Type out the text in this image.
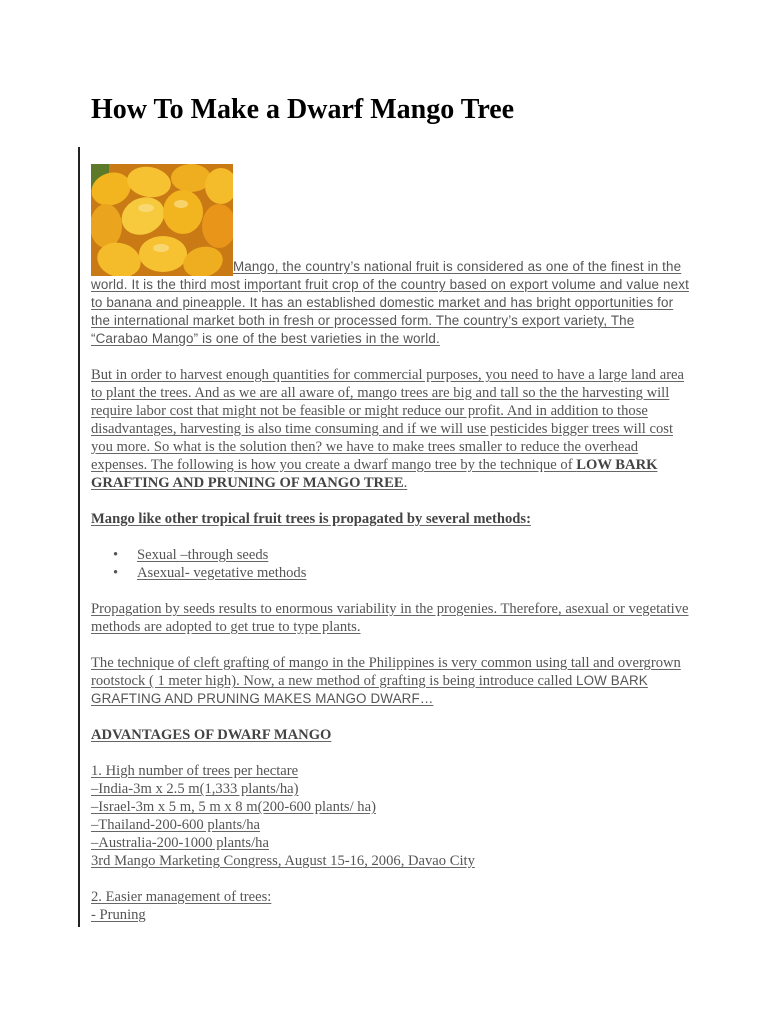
How To Make a Dwarf Mango Tree

Mango, the country’s national fruit is considered as one of the finest in the world. It is the third most important fruit crop of the country based on export volume and value next to banana and pineapple. It has an established domestic market and has bright opportunities for the international market both in fresh or processed form. The country’s export variety, The “Carabao Mango” is one of the best varieties in the world.

But in order to harvest enough quantities for commercial purposes, you need to have a large land area to plant the trees. And as we are all aware of, mango trees are big and tall so the the harvesting will require labor cost that might not be feasible or might reduce our profit. And in addition to those disadvantages, harvesting is also time consuming and if we will use pesticides bigger trees will cost you more. So what is the solution then? we have to make trees smaller to reduce the overhead expenses. The following is how you create a dwarf mango tree by the technique of LOW BARK GRAFTING AND PRUNING OF MANGO TREE.

Mango like other tropical fruit trees is propagated by several methods:

• Sexual –through seeds
• Asexual- vegetative methods

Propagation by seeds results to enormous variability in the progenies. Therefore, asexual or vegetative methods are adopted to get true to type plants.

The technique of cleft grafting of mango in the Philippines is very common using tall and overgrown rootstock ( 1 meter high). Now, a new method of grafting is being introduce called LOW BARK GRAFTING AND PRUNING MAKES MANGO DWARF…

ADVANTAGES OF DWARF MANGO

1. High number of trees per hectare
–India-3m x 2.5 m(1,333 plants/ha)
–Israel-3m x 5 m, 5 m x 8 m(200-600 plants/ ha)
–Thailand-200-600 plants/ha
–Australia-200-1000 plants/ha
3rd Mango Marketing Congress, August 15-16, 2006, Davao City

2. Easier management of trees:
- Pruning
